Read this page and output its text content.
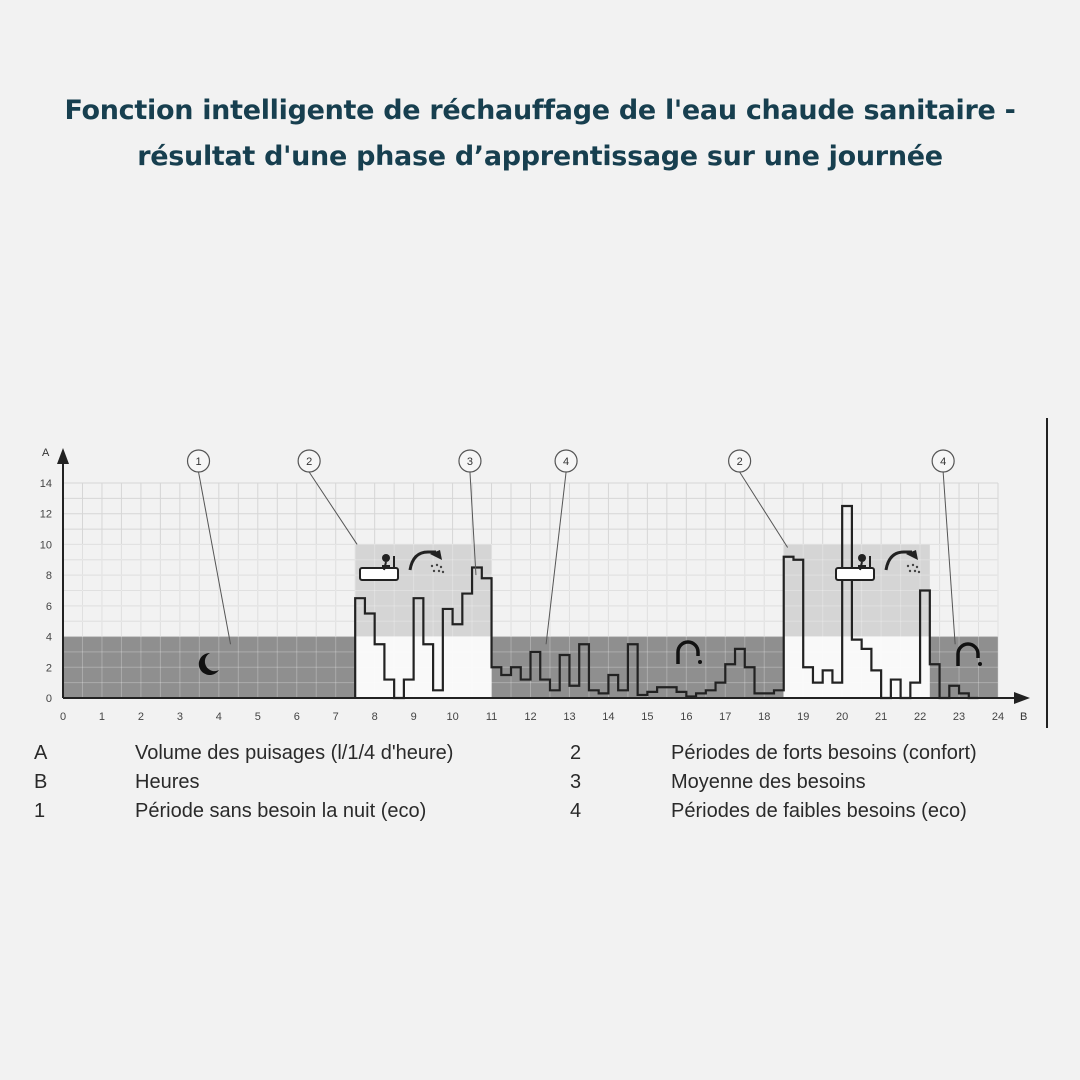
Fonction intelligente de réchauffage de l'eau chaude sanitaire -
résultat d'une phase d’apprentissage sur une journée
A
B
0
2
4
6
8
10
12
14
0	1	2	3	4	5	6	7	8	9	10 11 12 13 14 15 16 17 18 19 20 21 22 23 24
1	2	3	4	2	4
A	Volume des puisages (l/1/4 d'heure)
B	Heures
1	Période sans besoin la nuit (eco)
2	Périodes de forts besoins (confort)
3	Moyenne des besoins
4	Périodes de faibles besoins (eco)
